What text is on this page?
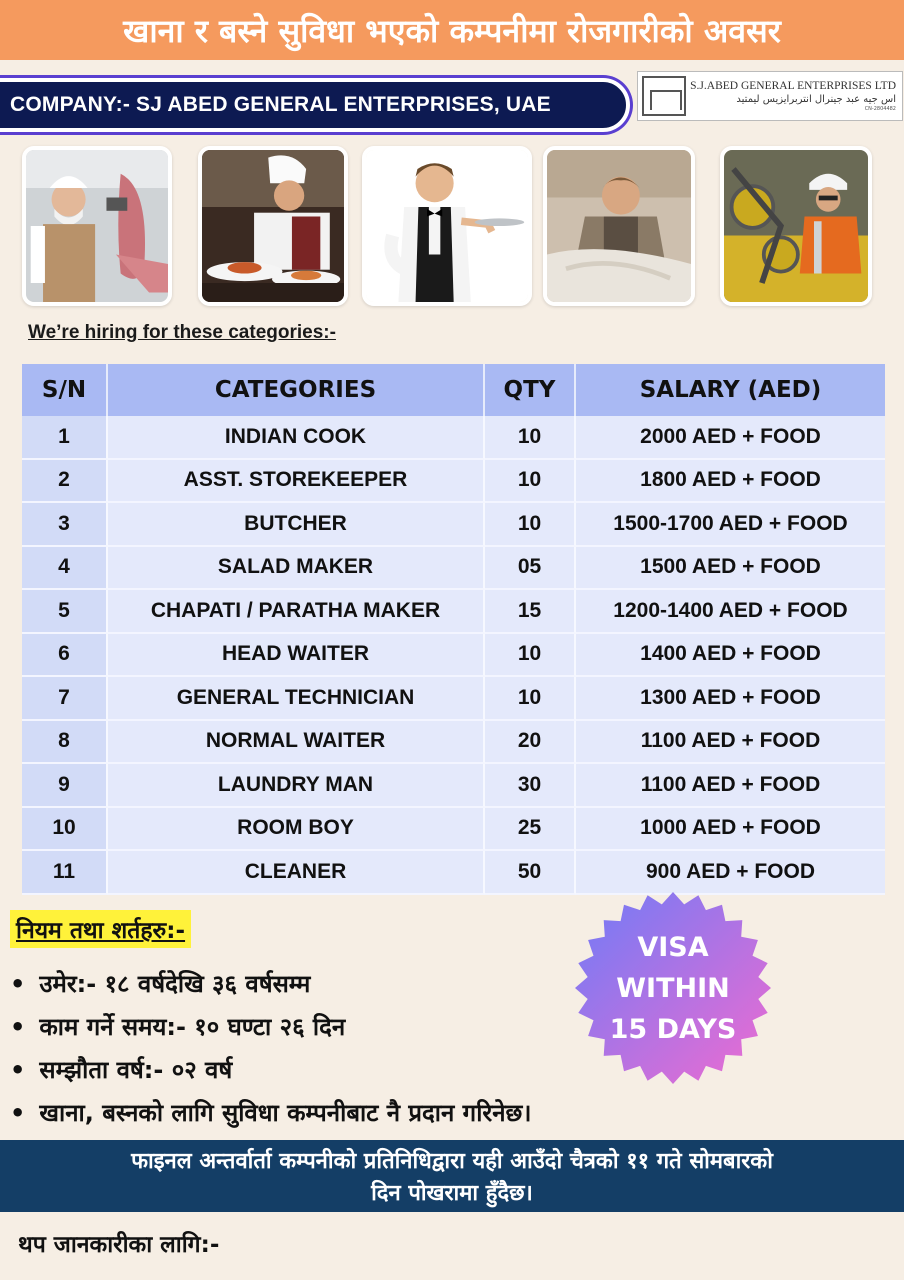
खाना र बस्ने सुविधा भएको कम्पनीमा रोजगारीको अवसर
COMPANY:- SJ ABED GENERAL ENTERPRISES, UAE
S.J.ABED GENERAL ENTERPRISES LTD
اس جيه عبد جينرال انتربرايزيس ليمتيد
CN-2804482
We’re hiring for these categories:-
S/N	CATEGORIES	QTY	SALARY (AED)
1	INDIAN COOK	10	2000 AED + FOOD
2	ASST. STOREKEEPER	10	1800 AED + FOOD
3	BUTCHER	10	1500-1700 AED + FOOD
4	SALAD MAKER	05	1500 AED + FOOD
5	CHAPATI / PARATHA MAKER	15	1200-1400 AED + FOOD
6	HEAD WAITER	10	1400 AED + FOOD
7	GENERAL TECHNICIAN	10	1300 AED + FOOD
8	NORMAL WAITER	20	1100 AED + FOOD
9	LAUNDRY MAN	30	1100 AED + FOOD
10	ROOM BOY	25	1000 AED + FOOD
11	CLEANER	50	900 AED + FOOD
नियम तथा शर्तहरु:-
• उमेर:- १८ वर्षदेखि ३६ वर्षसम्म
• काम गर्ने समय:- १० घण्टा २६ दिन
• सम्झौता वर्ष:- ०२ वर्ष
• खाना, बस्नको लागि सुविधा कम्पनीबाट नै प्रदान गरिनेछ।
VISA
WITHIN
15 DAYS
फाइनल अन्तर्वार्ता कम्पनीको प्रतिनिधिद्वारा यही आउँदो चैत्रको ११ गते सोमबारको
दिन पोखरामा हुँदैछ।
थप जानकारीका लागि:-
